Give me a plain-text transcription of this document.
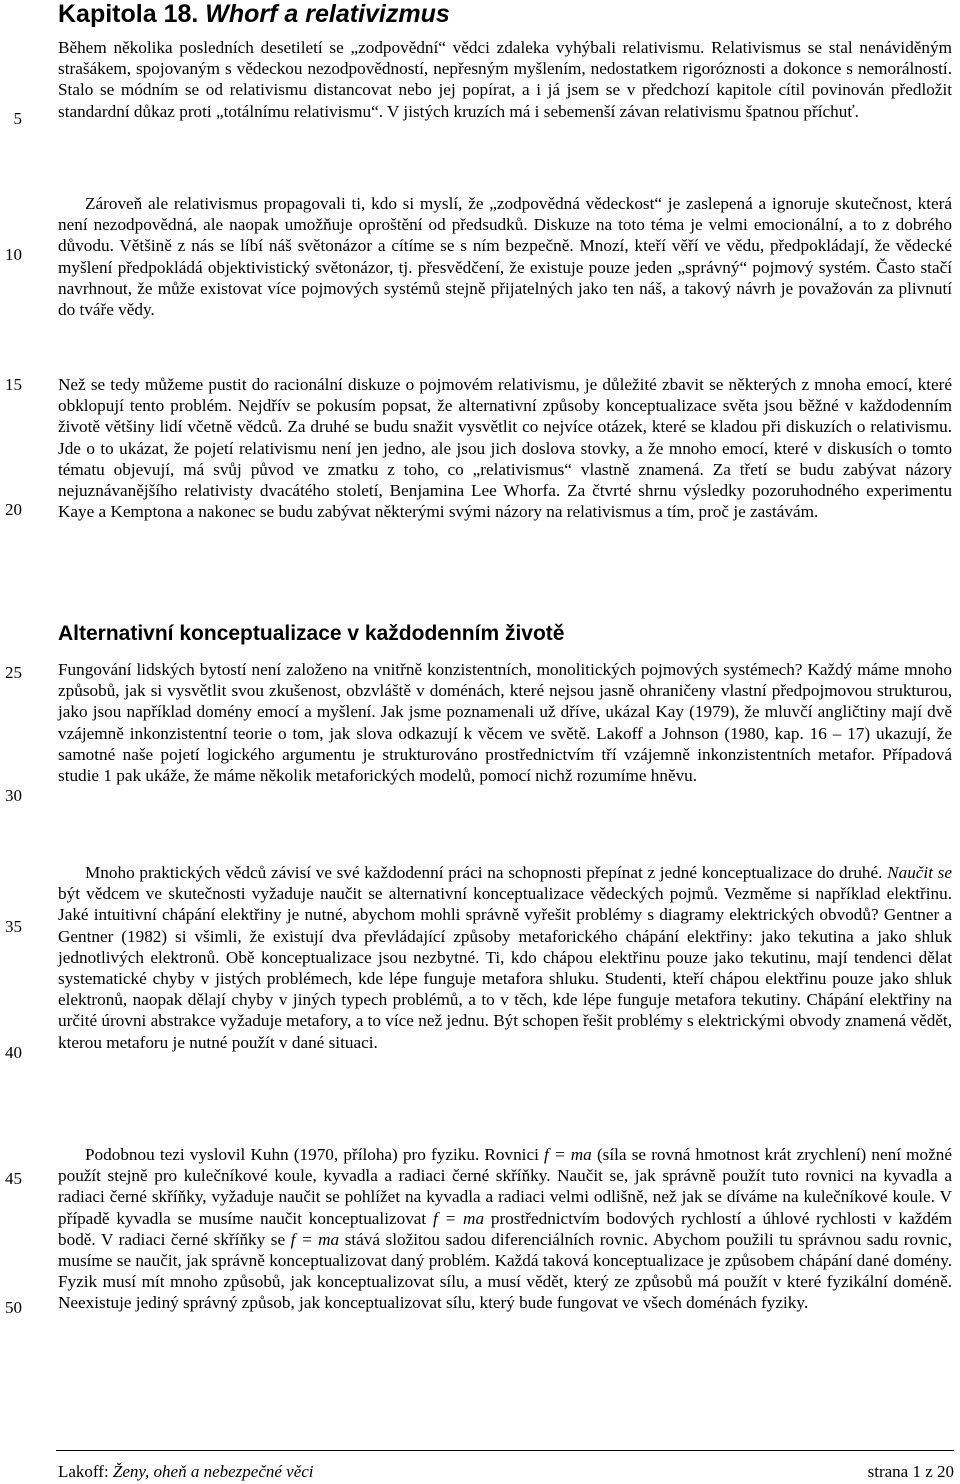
Kapitola 18. Whorf a relativizmus

Během několika posledních desetiletí se „zodpovědní“ vědci zdaleka vyhýbali relativismu. Relativismus se stal nenáviděným strašákem, spojovaným s vědeckou nezodpovědností, nepřesným myšlením, nedostatkem rigoróznosti a dokonce s nemorálností. Stalo se módním se od relativismu distancovat nebo jej popírat, a i já jsem se v předchozí kapitole cítil povinován předložit standardní důkaz proti „totálnímu relativismu“. V jistých kruzích má i sebemenší závan relativismu špatnou příchuť.

Zároveň ale relativismus propagovali ti, kdo si myslí, že „zodpovědná vědeckost“ je zaslepená a ignoruje skutečnost, která není nezodpovědná, ale naopak umožňuje oproštění od předsudků. Diskuze na toto téma je velmi emocionální, a to z dobrého důvodu. Většině z nás se líbí náš světonázor a cítíme se s ním bezpečně. Mnozí, kteří věří ve vědu, předpokládají, že vědecké myšlení předpokládá objektivistický světonázor, tj. přesvědčení, že existuje pouze jeden „správný“ pojmový systém. Často stačí navrhnout, že může existovat více pojmových systémů stejně přijatelných jako ten náš, a takový návrh je považován za plivnutí do tváře vědy.

Než se tedy můžeme pustit do racionální diskuze o pojmovém relativismu, je důležité zbavit se některých z mnoha emocí, které obklopují tento problém. Nejdřív se pokusím popsat, že alternativní způsoby konceptualizace světa jsou běžné v každodenním životě většiny lidí včetně vědců. Za druhé se budu snažit vysvětlit co nejvíce otázek, které se kladou při diskuzích o relativismu. Jde o to ukázat, že pojetí relativismu není jen jedno, ale jsou jich doslova stovky, a že mnoho emocí, které v diskusích o tomto tématu objevují, má svůj původ ve zmatku z toho, co „relativismus“ vlastně znamená. Za třetí se budu zabývat názory nejuznávanějšího relativisty dvacátého století, Benjamina Lee Whorfa. Za čtvrté shrnu výsledky pozoruhodného experimentu Kaye a Kemptona a nakonec se budu zabývat některými svými názory na relativismus a tím, proč je zastávám.

Alternativní konceptualizace v každodenním životě

Fungování lidských bytostí není založeno na vnitřně konzistentních, monolitických pojmových systémech? Každý máme mnoho způsobů, jak si vysvětlit svou zkušenost, obzvláště v doménách, které nejsou jasně ohraničeny vlastní předpojmovou strukturou, jako jsou například domény emocí a myšlení. Jak jsme poznamenali už dříve, ukázal Kay (1979), že mluvčí angličtiny mají dvě vzájemně inkonzistentní teorie o tom, jak slova odkazují k věcem ve světě. Lakoff a Johnson (1980, kap. 16 – 17) ukazují, že samotné naše pojetí logického argumentu je strukturováno prostřednictvím tří vzájemně inkonzistentních metafor. Případová studie 1 pak ukáže, že máme několik metaforických modelů, pomocí nichž rozumíme hněvu.

Mnoho praktických vědců závisí ve své každodenní práci na schopnosti přepínat z jedné konceptualizace do druhé. Naučit se být vědcem ve skutečnosti vyžaduje naučit se alternativní konceptualizace vědeckých pojmů. Vezměme si například elektřinu. Jaké intuitivní chápání elektřiny je nutné, abychom mohli správně vyřešit problémy s diagramy elektrických obvodů? Gentner a Gentner (1982) si všimli, že existují dva převládající způsoby metaforického chápání elektřiny: jako tekutina a jako shluk jednotlivých elektronů. Obě konceptualizace jsou nezbytné. Ti, kdo chápou elektřinu pouze jako tekutinu, mají tendenci dělat systematické chyby v jistých problémech, kde lépe funguje metafora shluku. Studenti, kteří chápou elektřinu pouze jako shluk elektronů, naopak dělají chyby v jiných typech problémů, a to v těch, kde lépe funguje metafora tekutiny. Chápání elektřiny na určité úrovni abstrakce vyžaduje metafory, a to více než jednu. Být schopen řešit problémy s elektrickými obvody znamená vědět, kterou metaforu je nutné použít v dané situaci.

Podobnou tezi vyslovil Kuhn (1970, příloha) pro fyziku. Rovnici f = ma (síla se rovná hmotnost krát zrychlení) není možné použít stejně pro kulečníkové koule, kyvadla a radiaci černé skříňky. Naučit se, jak správně použít tuto rovnici na kyvadla a radiaci černé skříňky, vyžaduje naučit se pohlížet na kyvadla a radiaci velmi odlišně, než jak se díváme na kulečníkové koule. V případě kyvadla se musíme naučit konceptualizovat f = ma prostřednictvím bodových rychlostí a úhlové rychlosti v každém bodě. V radiaci černé skříňky se f = ma stává složitou sadou diferenciálních rovnic. Abychom použili tu správnou sadu rovnic, musíme se naučit, jak správně konceptualizovat daný problém. Každá taková konceptualizace je způsobem chápání dané domény. Fyzik musí mít mnoho způsobů, jak konceptualizovat sílu, a musí vědět, který ze způsobů má použít v které fyzikální doméně. Neexistuje jediný správný způsob, jak konceptualizovat sílu, který bude fungovat ve všech doménách fyziky.

5
10
15
20
25
30
35
40
45
50
Lakoff: Ženy, oheň a nebezpečné věci	strana 1 z 20
